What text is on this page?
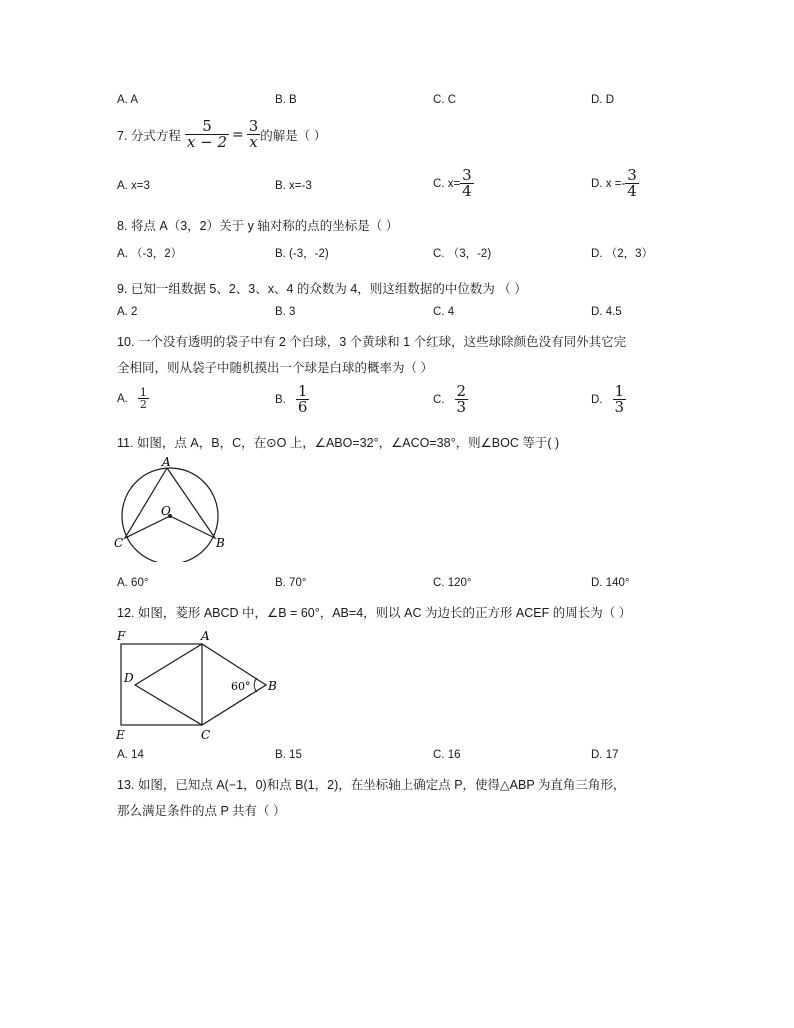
A. A	B. B	C. C	D. D
7. 分式方程 $\frac{5}{x - 2} = \frac{3}{x}$ 的解是（ ）
A. x=3	B. x=-3	C. $x= \frac{3}{4}$	D. $x =- \frac{3}{4}$
8. 将点 A（3，2）关于 y 轴对称的点的坐标是（ ）
A. （-3，2）	B. (-3，-2)	C. （3，-2)	D. （2，3）
9. 已知一组数据 5、2、3、x、4 的众数为 4，则这组数据的中位数为 （ ）
A. 2	B. 3	C. 4	D. 4.5
10. 一个没有透明的袋子中有 2 个白球，3 个黄球和 1 个红球，这些球除颜色没有同外其它完
全相同，则从袋子中随机摸出一个球是白球的概率为（ ）
A. $\frac{1}{2}$	B. $\frac{1}{6}$	C. $\frac{2}{3}$	D. $\frac{1}{3}$
11. 如图，点 A，B，C，在⊙O 上，∠ABO=32°，∠ACO=38°，则∠BOC 等于( )
A
O
C	B
A. 60°	B. 70°	C. 120°	D. 140°
12. 如图，菱形 ABCD 中，∠B = 60°，AB=4，则以 AC 为边长的正方形 ACEF 的周长为（ ）
F	A
D
60° B
E	C
A. 14	B. 15	C. 16	D. 17
13. 如图，已知点 A(−1，0)和点 B(1，2)，在坐标轴上确定点 P，使得△ABP 为直角三角形，
那么满足条件的点 P 共有（ ）
